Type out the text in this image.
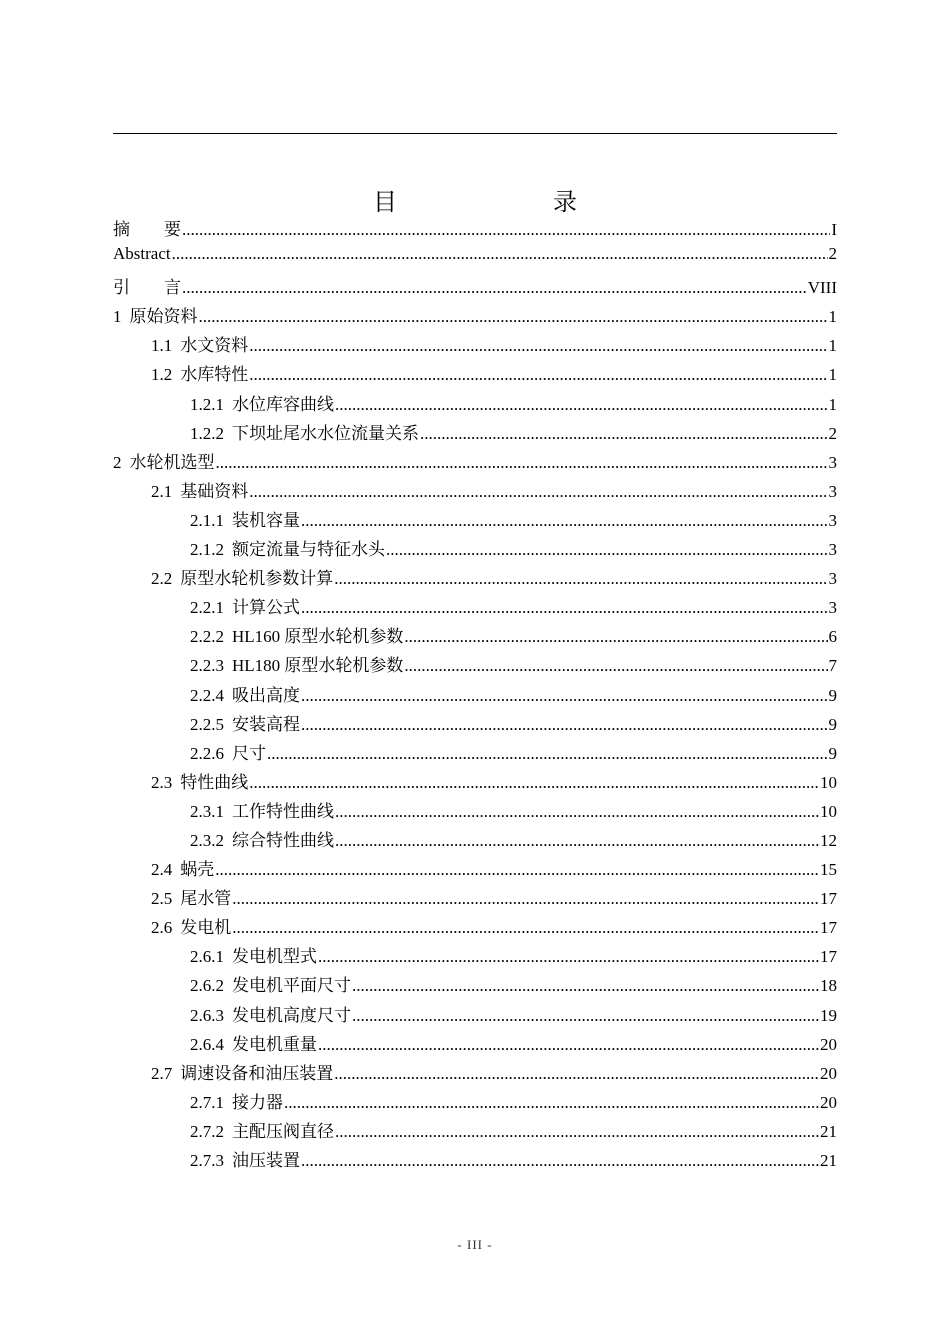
目　　录
摘　　要 .....	I
Abstract .....	2
引　　言 .....	VIII
1 原始资料 .....	1
1.1 水文资料 .....	1
1.2 水库特性 .....	1
1.2.1 水位库容曲线 .....	1
1.2.2 下坝址尾水水位流量关系 .....	2
2 水轮机选型 .....	3
2.1 基础资料 .....	3
2.1.1 装机容量 .....	3
2.1.2 额定流量与特征水头 .....	3
2.2 原型水轮机参数计算 .....	3
2.2.1 计算公式 .....	3
2.2.2 HL160 原型水轮机参数 .....	6
2.2.3 HL180 原型水轮机参数 .....	7
2.2.4 吸出高度 .....	9
2.2.5 安装高程 .....	9
2.2.6 尺寸 .....	9
2.3 特性曲线 .....	10
2.3.1 工作特性曲线 .....	10
2.3.2 综合特性曲线 .....	12
2.4 蜗壳 .....	15
2.5 尾水管 .....	17
2.6 发电机 .....	17
2.6.1 发电机型式 .....	17
2.6.2 发电机平面尺寸 .....	18
2.6.3 发电机高度尺寸 .....	19
2.6.4 发电机重量 .....	20
2.7 调速设备和油压装置 .....	20
2.7.1 接力器 .....	20
2.7.2 主配压阀直径 .....	21
2.7.3 油压装置 .....	21
- III -
